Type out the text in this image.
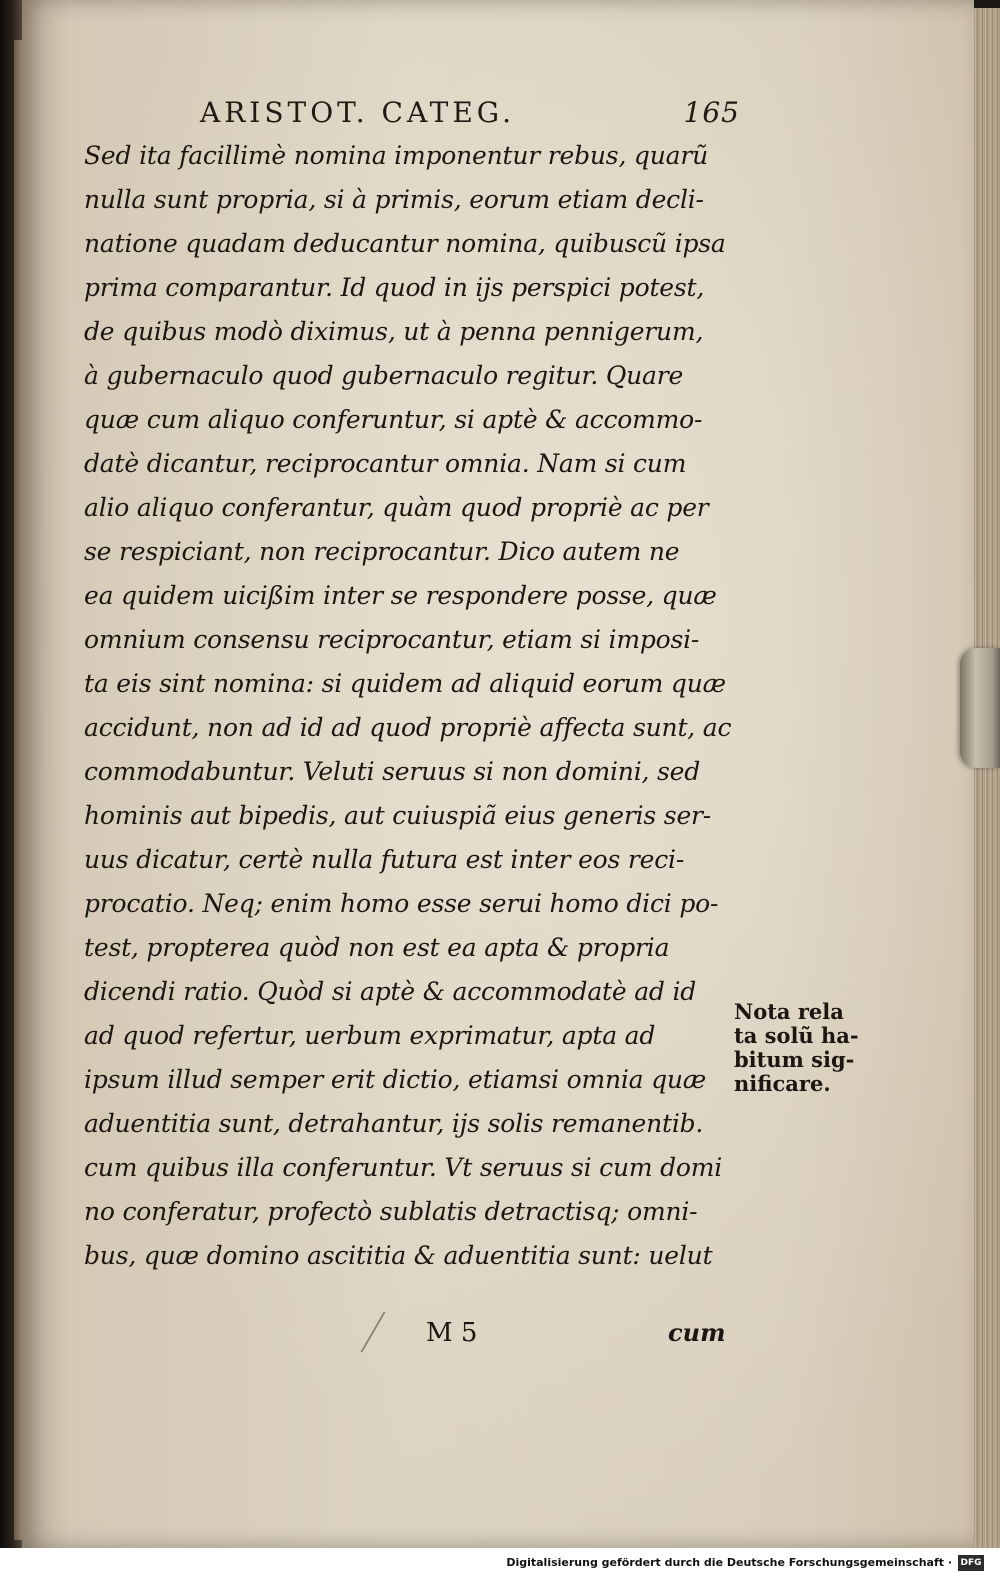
ARISTOT. CATEG.	165
Sed ita facillimè nomina imponentur rebus, quarũ
nulla sunt propria, si à primis, eorum etiam decli-
natione quadam deducantur nomina, quibuscũ ipsa
prima comparantur. Id quod in ijs perspici potest,
de quibus modò diximus, ut à penna pennigerum,
à gubernaculo quod gubernaculo regitur. Quare
quæ cum aliquo conferuntur, si aptè & accommo-
datè dicantur, reciprocantur omnia. Nam si cum
alio aliquo conferantur, quàm quod propriè ac per
se respiciant, non reciprocantur. Dico autem ne
ea quidem uicißim inter se respondere posse, quæ
omnium consensu reciprocantur, etiam si imposi-
ta eis sint nomina: si quidem ad aliquid eorum quæ
accidunt, non ad id ad quod propriè affecta sunt, ac
commodabuntur. Veluti seruus si non domini, sed
hominis aut bipedis, aut cuiuspiã eius generis ser-
uus dicatur, certè nulla futura est inter eos reci-
procatio. Neq; enim homo esse serui homo dici po-
test, propterea quòd non est ea apta & propria
dicendi ratio. Quòd si aptè & accommodatè ad id
ad quod refertur, uerbum exprimatur, apta ad
ipsum illud semper erit dictio, etiamsi omnia quæ
aduentitia sunt, detrahantur, ijs solis remanentib.
cum quibus illa conferuntur. Vt seruus si cum domi
no conferatur, profectò sublatis detractisq; omni-
bus, quæ domino ascititia & aduentitia sunt: uelut
Nota rela
ta solũ ha-
bitum sig-
nificare.
M 5	cum
Digitalisierung gefördert durch die Deutsche Forschungsgemeinschaft · DFG
